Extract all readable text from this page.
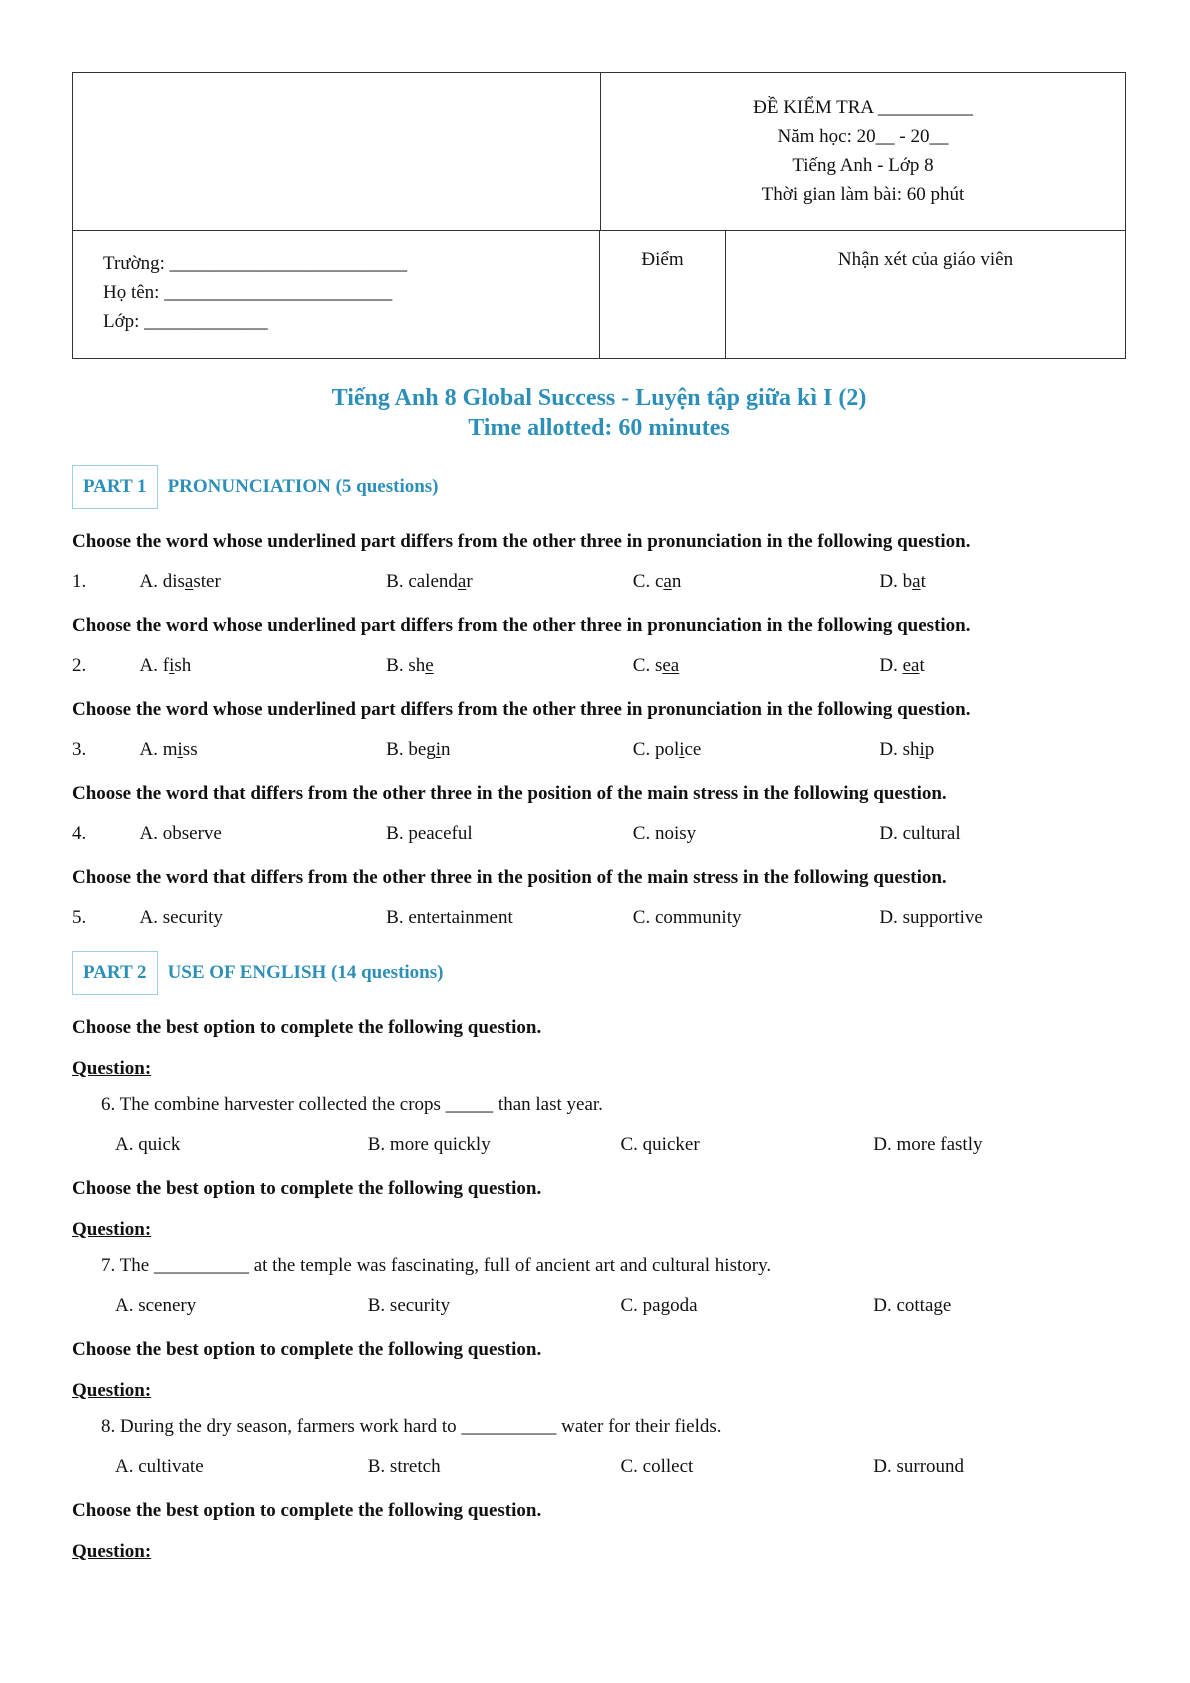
ĐỀ KIỂM TRA __________
Năm học: 20__ - 20__
Tiếng Anh - Lớp 8
Thời gian làm bài: 60 phút
Trường: _________________________
Họ tên: ________________________
Lớp: _____________
Điểm	Nhận xét của giáo viên
Tiếng Anh 8 Global Success - Luyện tập giữa kì I (2)
Time allotted: 60 minutes
PART 1	PRONUNCIATION (5 questions)
Choose the word whose underlined part differs from the other three in pronunciation in the following question.
1.	A. disaster	B. calendar	C. can	D. bat
Choose the word whose underlined part differs from the other three in pronunciation in the following question.
2.	A. fish	B. she	C. sea	D. eat
Choose the word whose underlined part differs from the other three in pronunciation in the following question.
3.	A. miss	B. begin	C. police	D. ship
Choose the word that differs from the other three in the position of the main stress in the following question.
4.	A. observe	B. peaceful	C. noisy	D. cultural
Choose the word that differs from the other three in the position of the main stress in the following question.
5.	A. security	B. entertainment	C. community	D. supportive
PART 2	USE OF ENGLISH (14 questions)
Choose the best option to complete the following question.
Question:
6. The combine harvester collected the crops _____ than last year.
A. quick	B. more quickly	C. quicker	D. more fastly
Choose the best option to complete the following question.
Question:
7. The __________ at the temple was fascinating, full of ancient art and cultural history.
A. scenery	B. security	C. pagoda	D. cottage
Choose the best option to complete the following question.
Question:
8. During the dry season, farmers work hard to __________ water for their fields.
A. cultivate	B. stretch	C. collect	D. surround
Choose the best option to complete the following question.
Question:
